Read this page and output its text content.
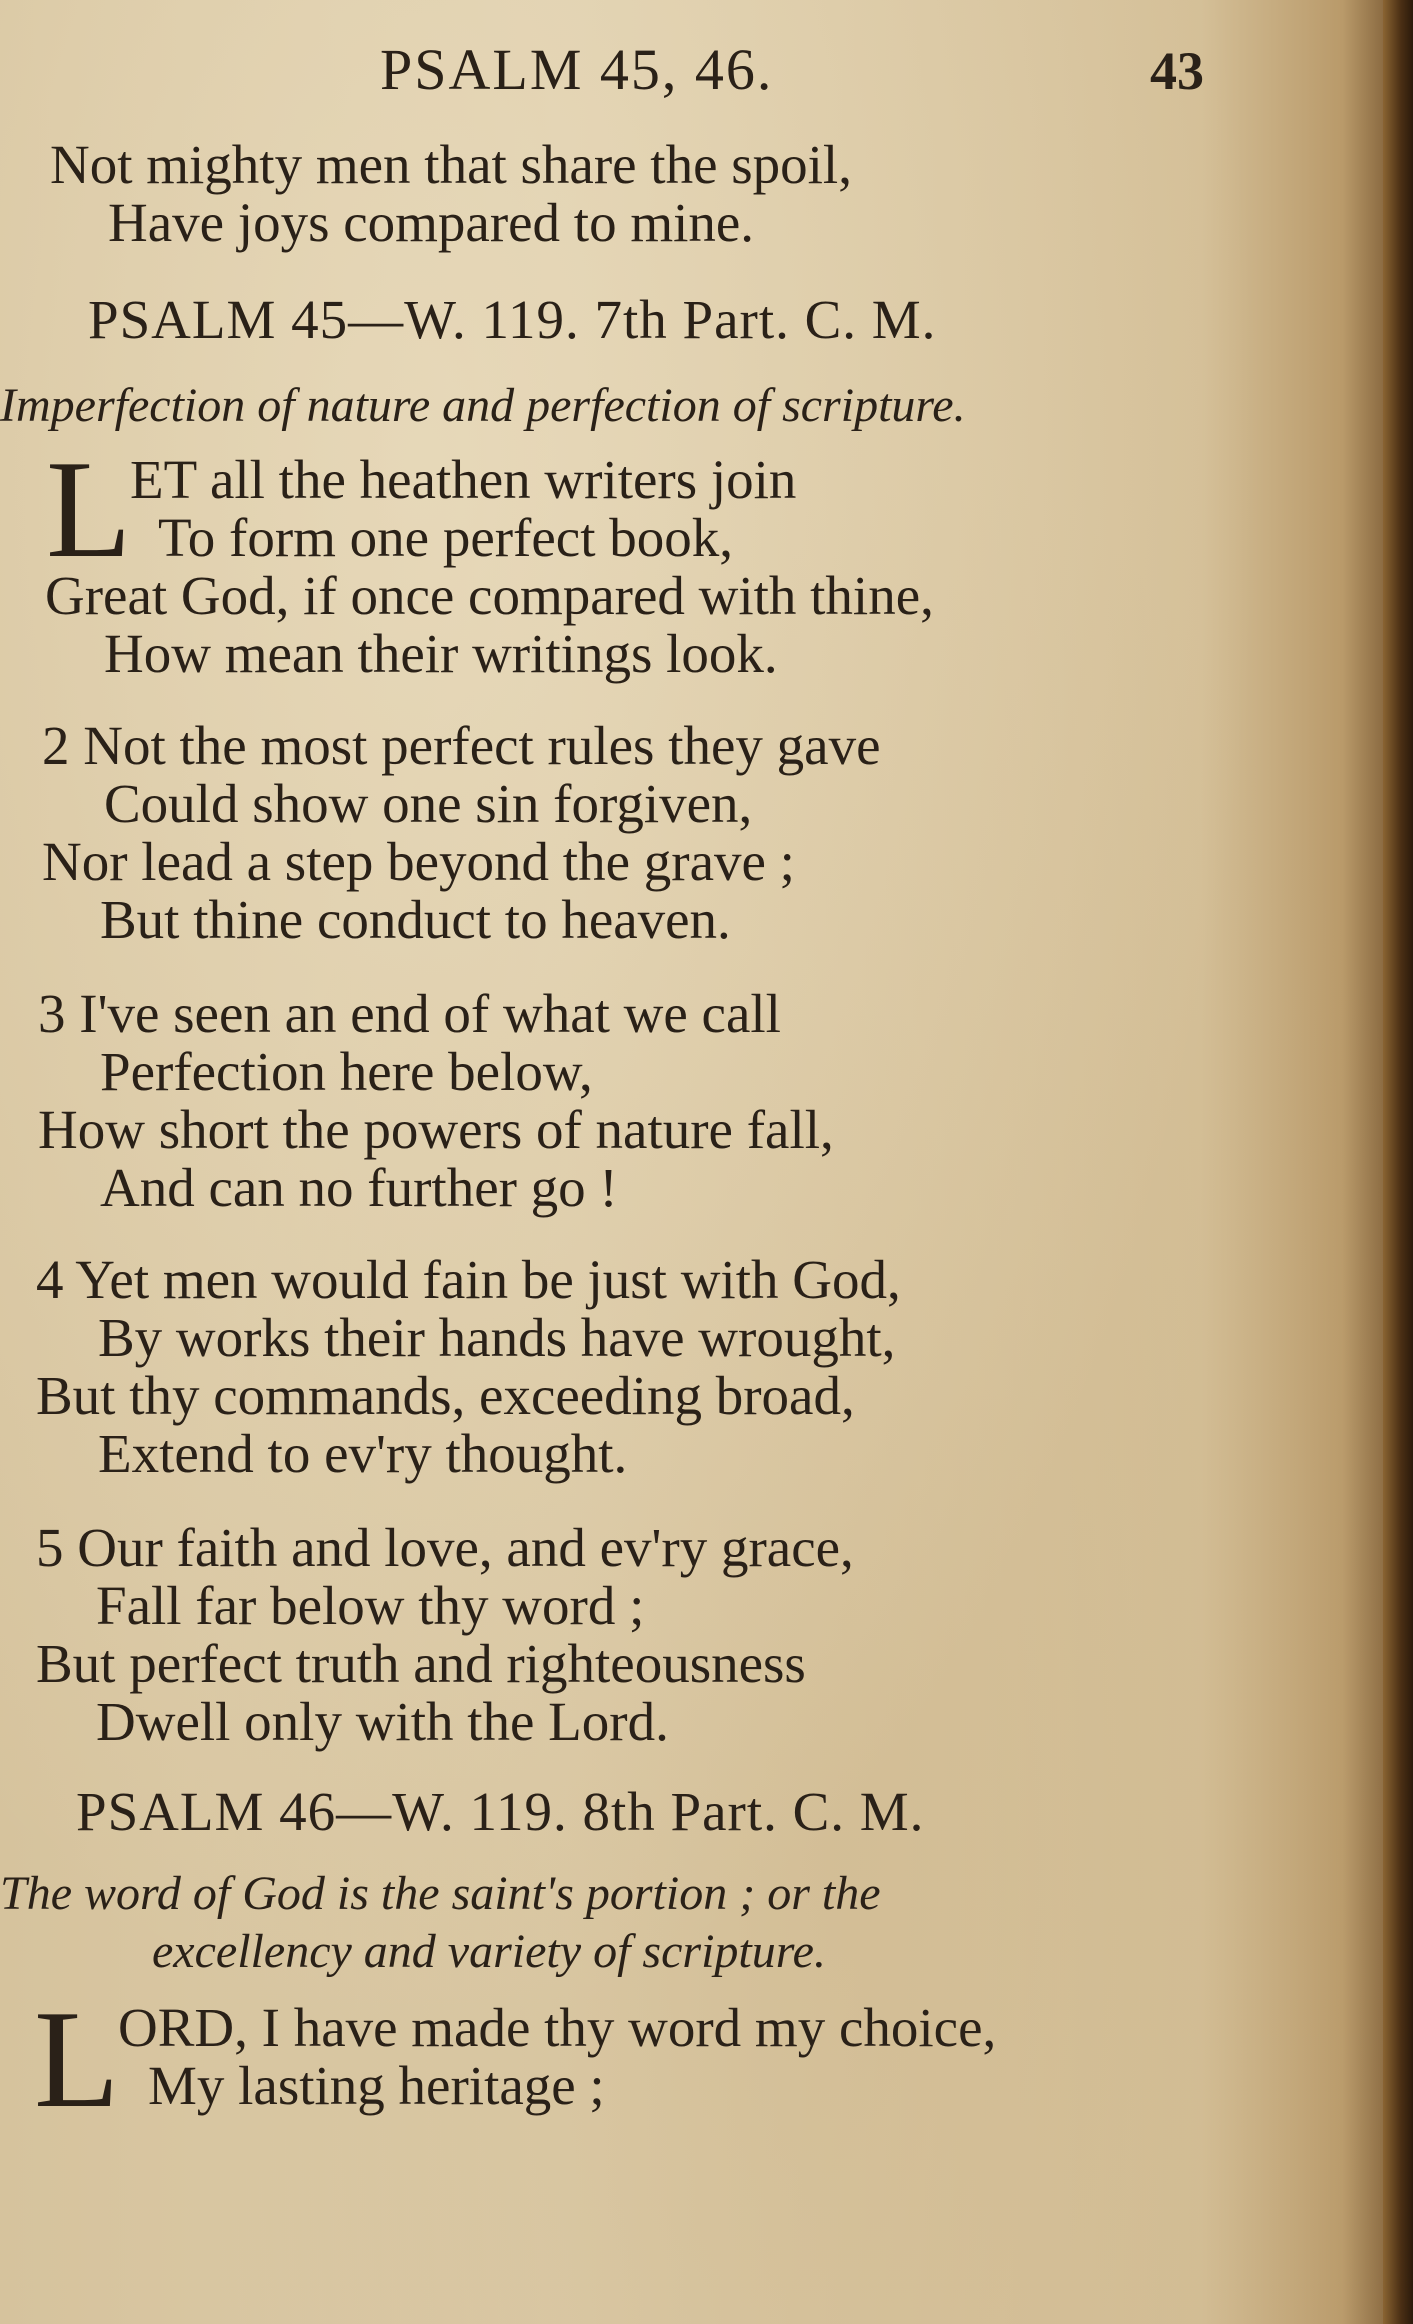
PSALM 45, 46.	43
Not mighty men that share the spoil,
Have joys compared to mine.
PSALM 45—W. 119. 7th Part. C. M.
Imperfection of nature and perfection of scripture.
L
ET all the heathen writers join
To form one perfect book,
Great God, if once compared with thine,
How mean their writings look.
2 Not the most perfect rules they gave
Could show one sin forgiven,
Nor lead a step beyond the grave ;
But thine conduct to heaven.
3 I've seen an end of what we call
Perfection here below,
How short the powers of nature fall,
And can no further go !
4 Yet men would fain be just with God,
By works their hands have wrought,
But thy commands, exceeding broad,
Extend to ev'ry thought.
5 Our faith and love, and ev'ry grace,
Fall far below thy word ;
But perfect truth and righteousness
Dwell only with the Lord.
PSALM 46—W. 119. 8th Part. C. M.
The word of God is the saint's portion ; or the
excellency and variety of scripture.
L
ORD, I have made thy word my choice,
My lasting heritage ;
